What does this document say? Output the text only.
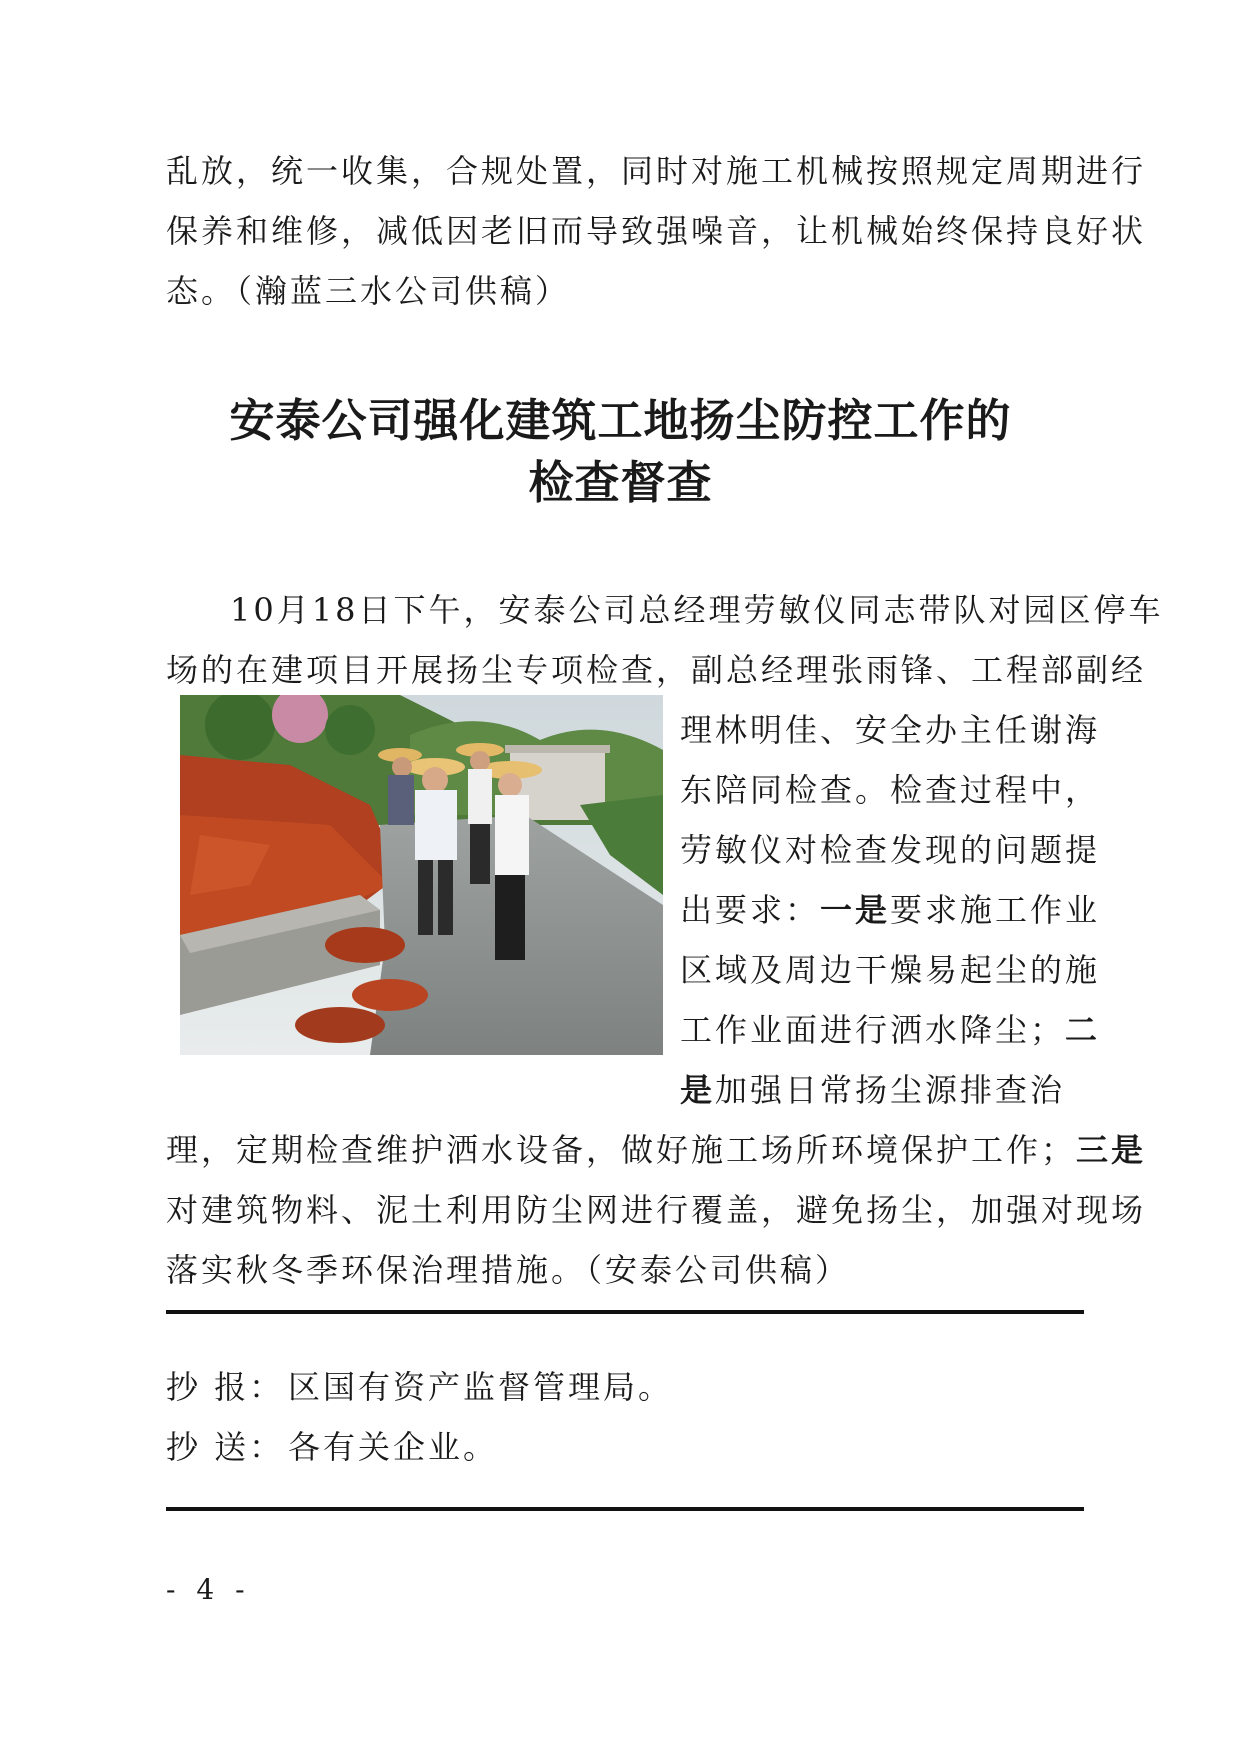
乱放，统一收集，合规处置，同时对施工机械按照规定周期进行
保养和维修，减低因老旧而导致强噪音，让机械始终保持良好状
态。（瀚蓝三水公司供稿）
安泰公司强化建筑工地扬尘防控工作的
检查督查
10月18日下午，安泰公司总经理劳敏仪同志带队对园区停车
场的在建项目开展扬尘专项检查，副总经理张雨锋、工程部副经
理林明佳、安全办主任谢海
东陪同检查。检查过程中，
劳敏仪对检查发现的问题提
出要求：一是要求施工作业
区域及周边干燥易起尘的施
工作业面进行洒水降尘；二
是加强日常扬尘源排查治
理，定期检查维护洒水设备，做好施工场所环境保护工作；三是
对建筑物料、泥土利用防尘网进行覆盖，避免扬尘，加强对现场
落实秋冬季环保治理措施。（安泰公司供稿）
抄 报： 区国有资产监督管理局。
抄 送： 各有关企业。
- 4 -
